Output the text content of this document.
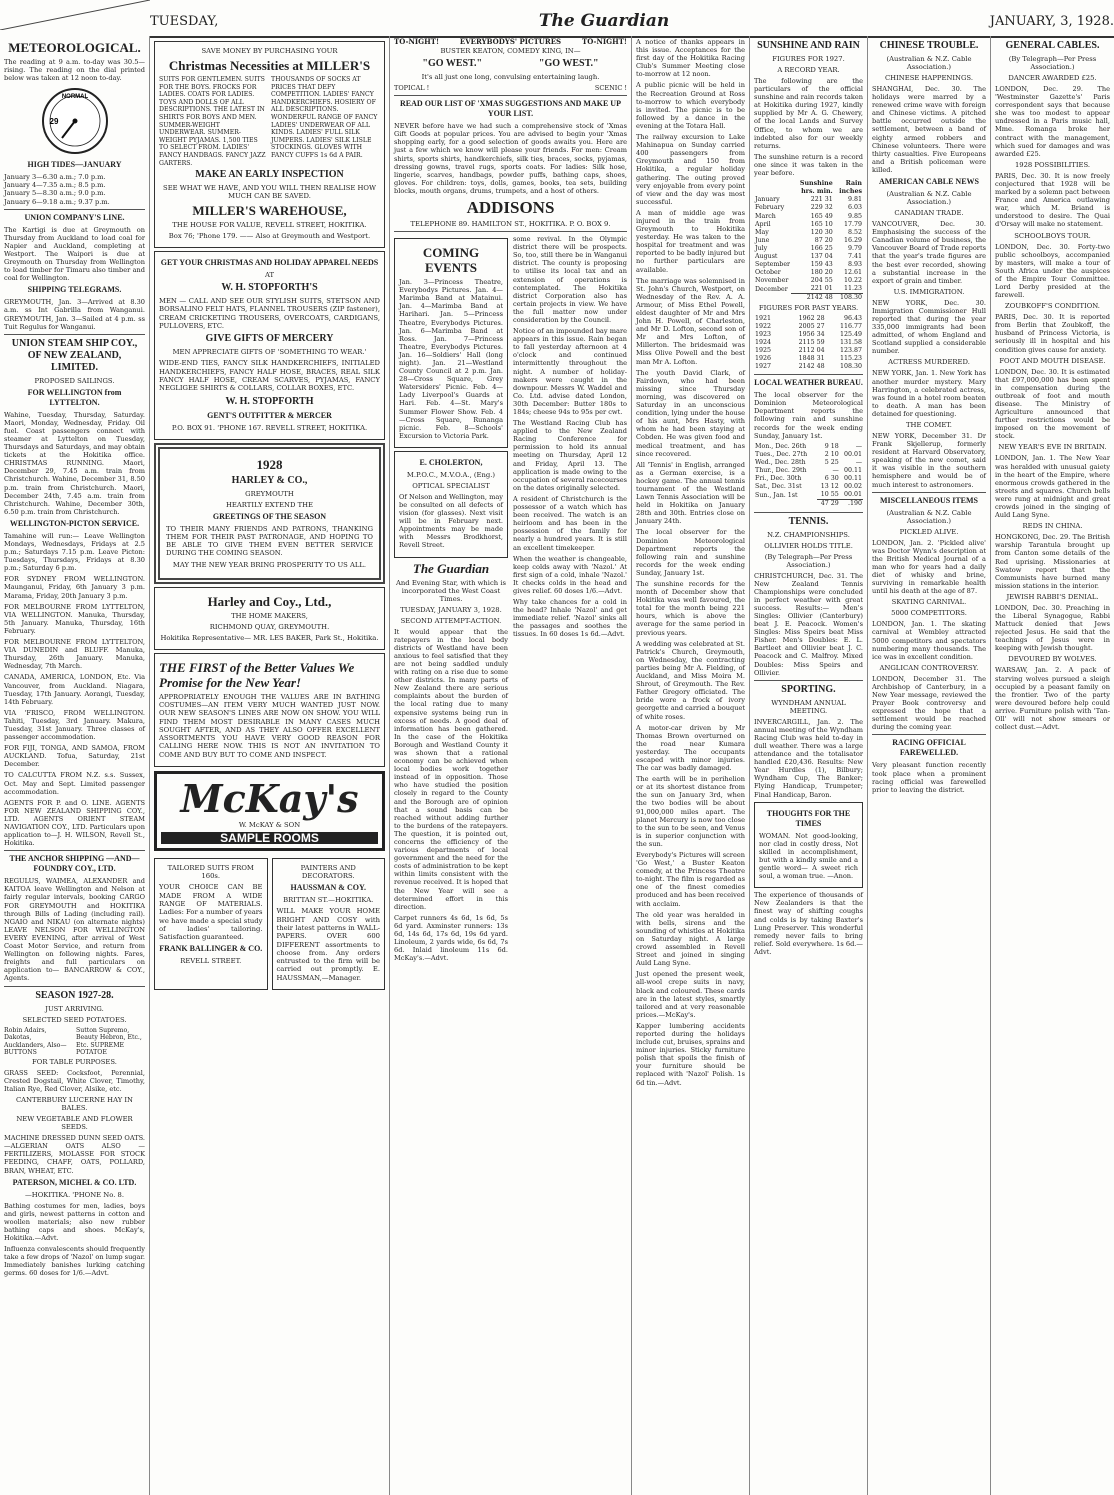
TUESDAY,	The Guardian	JANUARY, 3, 1928.
METEOROLOGICAL.

The reading at 9 a.m. to-day was 30.5—rising. The reading on the dial printed below was taken at 12 noon to-day.

NORMAL
29
HIGH TIDES—JANUARY
January 3—6.30 a.m.; 7.0 p.m.
January 4—7.35 a.m.; 8.5 p.m.
January 5—8.30 a.m.; 9.0 p.m.
January 6—9.18 a.m.; 9.37 p.m.
UNION COMPANY'S LINE.

The Kartigi is due at Greymouth on Thursday from Auckland to load coal for Napier and Auckland, completing at Westport. The Waipori is due at Greymouth on Thursday from Wellington to load timber for Timaru also timber and coal for Wellington.

SHIPPING TELEGRAMS.

GREYMOUTH, Jan. 3—Arrived at 8.30 a.m. ss Int Gabrilla from Wanganui. GREYMOUTH, Jan. 3—Sailed at 4 p.m. ss Tuit Regulus for Wanganui.

UNION STEAM SHIP COY., OF NEW ZEALAND, LIMITED.
PROPOSED SAILINGS.
FOR WELLINGTON from LYTTELTON.

Wahine, Tuesday, Thursday, Saturday. Maori, Monday, Wednesday, Friday. Oil fuel. Coast passengers connect with steamer at Lyttelton on Tuesday, Thursdays and Saturdays, and may obtain tickets at the Hokitika office. CHRISTMAS RUNNING. Maori, December 29, 7.45 a.m. train from Christchurch. Wahine, December 31, 8.50 p.m. train from Christchurch. Maori, December 24th, 7.45 a.m. train from Christchurch. Wahine, December 30th, 6.50 p.m. train from Christchurch.

WELLINGTON-PICTON SERVICE.

Tamahine will run:— Leave Wellington Mondays, Wednesdays, Fridays at 2.5 p.m.; Saturdays 7.15 p.m. Leave Picton: Tuesdays, Thursdays, Fridays at 8.30 p.m.; Saturday 6 p.m.

FOR SYDNEY FROM WELLINGTON. Maunganui, Friday, 6th January 3 p.m. Marama, Friday, 20th January 3 p.m.

FOR MELBOURNE FROM LYTTELTON, VIA WELLINGTON. Manuka, Thursday, 5th January. Manuka, Thursday, 16th February.

FOR MELBOURNE FROM LYTTELTON, VIA DUNEDIN and BLUFF. Manuka, Thursday, 26th January. Manuka, Wednesday, 7th March.

CANADA, AMERICA, LONDON, Etc. Via Vancouver, from Auckland. Niagara, Tuesday, 17th January. Aorangi, Tuesday, 14th February.

VIA 'FRISCO, FROM WELLINGTON. Tahiti, Tuesday, 3rd January. Makura, Tuesday, 31st January. Three classes of passenger accommodation.

FOR FIJI, TONGA, AND SAMOA, FROM AUCKLAND. Tofua, Saturday, 21st December.

TO CALCUTTA FROM N.Z. s.s. Sussex, Oct. May and Sept. Limited passenger accommodation.

AGENTS FOR P. and O. LINE. AGENTS FOR NEW ZEALAND SHIPPING COY., LTD. AGENTS ORIENT STEAM NAVIGATION COY., LTD. Particulars upon application to—J. H. WILSON, Revell St., Hokitika.

THE ANCHOR SHIPPING —AND— FOUNDRY COY., LTD.

REGULUS, WAIMEA, ALEXANDER and KAITOA leave Wellington and Nelson at fairly regular intervals, booking CARGO FOR GREYMOUTH and HOKITIKA through Bills of Lading (including rail). NGAIO and NIKAU (on alternate nights) LEAVE NELSON FOR WELLINGTON EVERY EVENING, after arrival of West Coast Motor Service, and return from Wellington on following nights. Fares, freights and full particulars on application to— BANCARROW & COY., Agents.

SEASON 1927-28.
JUST ARRIVING.
SELECTED SEED POTATOES.
Robin Adairs, Dakotas, Aucklanders, Also— BUTTONS
Sutton Supremo, Beauty Hebron, Etc., Etc. SUPREME POTATOE
FOR TABLE PURPOSES.

GRASS SEED: Cocksfoot, Perennial, Crested Dogstail, White Clover, Timothy, Italian Rye, Red Clover, Alsike, etc.

CANTERBURY LUCERNE HAY IN BALES.
NEW VEGETABLE AND FLOWER SEEDS.

MACHINE DRESSED DUNN SEED OATS. —ALGERIAN OATS ALSO — FERTILIZERS, MOLASSE FOR STOCK FEEDING, CHAFF, OATS, POLLARD, BRAN, WHEAT, ETC.

PATERSON, MICHEL & CO. LTD.
—HOKITIKA. 'PHONE No. 8.

Bathing costumes for men, ladies, boys and girls, newest patterns in cotton and woollen materials; also new rubber bathing caps and shoes. McKay's, Hokitika.—Advt.

Influenza convalescents should frequently take a few drops of 'Nazol' on lump sugar. Immediately banishes lurking catching germs. 60 doses for 1/6.—Advt.

SAVE MONEY BY PURCHASING YOUR
Christmas Necessities at MILLER'S
SUITS FOR GENTLEMEN. SUITS FOR THE BOYS. FROCKS FOR LADIES. COATS FOR LADIES. TOYS AND DOLLS OF ALL DESCRIPTIONS. THE LATEST IN SHIRTS FOR BOYS AND MEN. SUMMER-WEIGHT UNDERWEAR. SUMMER-WEIGHT PYJAMAS. 1,500 TIES TO SELECT FROM. LADIES' FANCY HANDBAGS. FANCY JAZZ GARTERS.
THOUSANDS OF SOCKS AT PRICES THAT DEFY COMPETITION. LADIES' FANCY HANDKERCHIEFS. HOSIERY OF ALL DESCRIPTIONS. WONDERFUL RANGE OF FANCY LADIES' UNDERWEAR OF ALL KINDS. LADIES' FULL SILK JUMPERS. LADIES' SILK LISLE STOCKINGS. GLOVES WITH FANCY CUFFS 1s 6d A PAIR.
MAKE AN EARLY INSPECTION
SEE WHAT WE HAVE, AND YOU WILL THEN REALISE HOW MUCH CAN BE SAVED.
MILLER'S WAREHOUSE,
THE HOUSE FOR VALUE, REVELL STREET, HOKITIKA.
Box 76; 'Phone 179. —— Also at Greymouth and Westport.
GET YOUR CHRISTMAS AND HOLIDAY APPAREL NEEDS
AT
W. H. STOPFORTH'S

MEN — CALL AND SEE OUR STYLISH SUITS, STETSON AND BORSALINO FELT HATS, FLANNEL TROUSERS (ZIP fastener), CREAM CRICKETING TROUSERS, OVERCOATS, CARDIGANS, PULLOVERS, ETC.

GIVE GIFTS OF MERCERY
MEN APPRECIATE GIFTS OF 'SOMETHING TO WEAR.'

WIDE-END TIES, FANCY SILK HANDKERCHIEFS, INITIALED HANDKERCHIEFS, FANCY HALF HOSE, BRACES, REAL SILK FANCY HALF HOSE, CREAM SCARVES, PYJAMAS, FANCY NEGLIGEE SHIRTS & COLLARS, COLLAR BOXES, ETC.

W. H. STOPFORTH
GENT'S OUTFITTER & MERCER
P.O. BOX 91. 'PHONE 167. REVELL STREET, HOKITIKA.
1928
HARLEY & CO.,
GREYMOUTH
HEARTILY EXTEND THE
GREETINGS OF THE SEASON

TO THEIR MANY FRIENDS AND PATRONS, THANKING THEM FOR THEIR PAST PATRONAGE, AND HOPING TO BE ABLE TO GIVE THEM EVEN BETTER SERVICE DURING THE COMING SEASON.

MAY THE NEW YEAR BRING PROSPERITY TO US ALL.
Harley and Coy., Ltd.,
THE HOME MAKERS,
RICHMOND QUAY, GREYMOUTH.
Hokitika Representative— MR. LES BAKER, Park St., Hokitika.
THE FIRST of the Better Values We Promise for the New Year!

APPROPRIATELY ENOUGH THE VALUES ARE IN BATHING COSTUMES—AN ITEM VERY MUCH WANTED JUST NOW. OUR NEW SEASON'S LINES ARE NOW ON SHOW. YOU WILL FIND THEM MOST DESIRABLE IN MANY CASES MUCH SOUGHT AFTER, AND AS THEY ALSO OFFER EXCELLENT ASSORTMENTS YOU HAVE VERY GOOD REASON FOR CALLING HERE NOW. THIS IS NOT AN INVITATION TO COME AND BUY BUT TO COME AND INSPECT.

McKay's
W. McKAY & SON
SAMPLE ROOMS
TAILORED SUITS FROM 160s.

YOUR CHOICE CAN BE MADE FROM A WIDE RANGE OF MATERIALS. Ladies: For a number of years we have made a special study of ladies' tailoring. Satisfaction guaranteed.

FRANK BALLINGER & CO.
REVELL STREET.
PAINTERS AND DECORATORS.
HAUSSMAN & COY.
BRITTAN ST.—HOKITIKA.

WILL MAKE YOUR HOME BRIGHT AND COSY with their latest patterns in WALL-PAPERS. OVER 600 DIFFERENT assortments to choose from. Any orders entrusted to the firm will be carried out promptly. E. HAUSSMAN,—Manager.

TO-NIGHT!	EVERYBODYS' PICTURES	TO-NIGHT!
BUSTER KEATON, COMEDY KING, IN—
"GO WEST."	"GO WEST."
It's all just one long, convulsing entertaining laugh.
TOPICAL !	SCENIC !
READ OUR LIST OF 'XMAS SUGGESTIONS AND MAKE UP YOUR LIST.

NEVER before have we had such a comprehensive stock of 'Xmas Gift Goods at popular prices. You are advised to begin your 'Xmas shopping early, for a good selection of goods awaits you. Here are just a few which we know will please your friends. For men: Cream shirts, sports shirts, handkerchiefs, silk ties, braces, socks, pyjamas, dressing gowns, travel rugs, sports coats. For ladies: Silk hose, lingerie, scarves, handbags, powder puffs, bathing caps, shoes, gloves. For children: toys, dolls, games, books, tea sets, building blocks, mouth organs, drums, trumpets, and a host of others.

ADDISONS
TELEPHONE 89. HAMILTON ST., HOKITIKA. P. O. BOX 9.
COMING EVENTS

Jan. 3—Princess Theatre, Everybodys Pictures. Jan. 4—Marimba Band at Matainui. Jan. 4—Marimba Band at Harihari. Jan. 5—Princess Theatre, Everybodys Pictures. Jan. 6—Marimba Band at Ross. Jan. 7—Princess Theatre, Everybodys Pictures. Jan. 16—Soldiers' Hall (long night). Jan. 21—Westland County Council at 2 p.m. Jan. 28—Cross Square, Grey Watersiders' Picnic. Feb. 4—Lady Liverpool's Guards at Hari. Feb. 4—St. Mary's Summer Flower Show. Feb. 4—Cross Square, Runanga picnic. Feb. 8—Schools' Excursion to Victoria Park.

E. CHOLERTON,
M.P.O.C., M.V.O.A., (Eng.)
OPTICAL SPECIALIST

Of Nelson and Wellington, may be consulted on all defects of vision (for glasses). Next visit will be in February next. Appointments may be made with Messrs Brodkhorst, Revell Street.

The Guardian
And Evening Star, with which is incorporated the West Coast Times.
TUESDAY, JANUARY 3, 1928.
SECOND ATTEMPT-ACTION.

It would appear that the ratepayers in the local body districts of Westland have been anxious to feel satisfied that they are not being saddled unduly with rating on a rise due to some other districts. In many parts of New Zealand there are serious complaints about the burden of the local rating due to many expensive systems being run in excess of needs. A good deal of information has been gathered. In the case of the Hokitika Borough and Westland County it was shown that a rational economy can be achieved when local bodies work together instead of in opposition. Those who have studied the position closely in regard to the County and the Borough are of opinion that a sound basis can be reached without adding further to the burdens of the ratepayers. The question, it is pointed out, concerns the efficiency of the various departments of local government and the need for the costs of administration to be kept within limits consistent with the revenue received. It is hoped that the New Year will see a determined effort in this direction.

Carpet runners 4s 6d, 1s 6d, 5s 6d yard. Axminster runners: 13s 6d, 14s 6d, 17s 6d, 19s 6d yard. Linoleum, 2 yards wide, 6s 6d, 7s 6d. Inlaid linoleum 11s 6d. McKay's.—Advt.

some revival. In the Olympic district there will be prospects. So, too, still there be in Wanganui district. The county is proposing to utilise its local tax and an extension of operations is contemplated. The Hokitika district Corporation also has certain projects in view. We have the full matter now under consideration by the Council.

Notice of an impounded bay mare appears in this issue. Rain began to fall yesterday afternoon at 4 o'clock and continued intermittently throughout the night. A number of holiday-makers were caught in the downpour. Messrs W. Waddel and Co. Ltd. advise dated London, 30th December: Butter 180s to 184s; cheese 94s to 95s per cwt.

The Westland Racing Club has applied to the New Zealand Racing Conference for permission to hold its annual meeting on Thursday, April 12 and Friday, April 13. The application is made owing to the occupation of several racecourses on the dates originally selected.

A resident of Christchurch is the possessor of a watch which has been received. The watch is an heirloom and has been in the possession of the family for nearly a hundred years. It is still an excellent timekeeper.

When the weather is changeable, keep colds away with 'Nazol.' At first sign of a cold, inhale 'Nazol.' It checks colds in the head and gives relief. 60 doses 1/6.—Advt.

Why take chances for a cold in the head? Inhale 'Nazol' and get immediate relief. 'Nazol' sinks all the passages and soothes the tissues. In 60 doses 1s 6d.—Advt.

A notice of thanks appears in this issue. Acceptances for the first day of the Hokitika Racing Club's Summer Meeting close to-morrow at 12 noon.

A public picnic will be held in the Recreation Ground at Ross to-morrow to which everybody is invited. The picnic is to be followed by a dance in the evening at the Totara Hall.

The railway excursion to Lake Mahinapua on Sunday carried 400 passengers from Greymouth and 150 from Hokitika, a regular holiday gathering. The outing proved very enjoyable from every point of view and the day was most successful.

A man of middle age was injured in the train from Greymouth to Hokitika yesterday. He was taken to the hospital for treatment and was reported to be badly injured but no further particulars are available.

The marriage was solemnised in St. John's Church, Westport, on Wednesday of the Rev. A. A. Armour, of Miss Ethel Powell, eldest daughter of Mr and Mrs John H. Powell, of Charleston, and Mr D. Lofton, second son of Mr and Mrs Lofton, of Millerton. The bridesmaid was Miss Olive Powell and the best man Mr A. Lofton.

The youth David Clark, of Fairdown, who had been missing since Thursday morning, was discovered on Saturday in an unconscious condition, lying under the house of his aunt, Mrs Hasty, with whom he had been staying at Cobden. He was given food and medical treatment, and has since recovered.

All 'Tennis' in English, arranged as a German exercise, is a hockey game. The annual tennis tournament of the Westland Lawn Tennis Association will be held in Hokitika on January 28th and 30th. Entries close on January 24th.

The local observer for the Dominion Meteorological Department reports the following rain and sunshine records for the week ending Sunday, January 1st.

The sunshine records for the month of December show that Hokitika was well favoured, the total for the month being 221 hours, which is above the average for the same period in previous years.

A wedding was celebrated at St. Patrick's Church, Greymouth, on Wednesday, the contracting parties being Mr A. Fielding, of Auckland, and Miss Moira M. Shrout, of Greymouth. The Rev. Father Gregory officiated. The bride wore a frock of ivory georgette and carried a bouquet of white roses.

A motor-car driven by Mr Thomas Brown overturned on the road near Kumara yesterday. The occupants escaped with minor injuries. The car was badly damaged.

The earth will be in perihelion or at its shortest distance from the sun on January 3rd, when the two bodies will be about 91,000,000 miles apart. The planet Mercury is now too close to the sun to be seen, and Venus is in superior conjunction with the sun.

Everybody's Pictures will screen 'Go West,' a Buster Keaton comedy, at the Princess Theatre to-night. The film is regarded as one of the finest comedies produced and has been received with acclaim.

The old year was heralded in with bells, sirens and the sounding of whistles at Hokitika on Saturday night. A large crowd assembled in Revell Street and joined in singing Auld Lang Syne.

Just opened the present week, all-wool crepe suits in navy, black and coloured. These cards are in the latest styles, smartly tailored and at very reasonable prices.—McKay's.

Kapper lumbering accidents reported during the holidays include cut, bruises, sprains and minor injuries. Sticky furniture polish that spoils the finish of your furniture should be replaced with 'Nazol' Polish. 1s 6d tin.—Advt.

SUNSHINE AND RAIN
FIGURES FOR 1927.
A RECORD YEAR.

The following are the particulars of the official sunshine and rain records taken at Hokitika during 1927, kindly supplied by Mr A. G. Chewery, of the local Lands and Survey Office, to whom we are indebted also for our weekly returns.

The sunshine return is a record one since it was taken in the year before.

	Sunshine hrs. min.	Rain inches
January	221 31	9.81
February	229 32	6.03
March	165 49	9.85
April	165 10	17.79
May	120 30	8.52
June	87 20	16.29
July	166 25	9.79
August	137 04	7.41
September	159 43	8.93
October	180 20	12.61
November	204 55	10.22
December	221 01	11.23
	2142 48	108.30
FIGURES FOR PAST YEARS.
1921	1962 28	96.43
1922	2005 27	116.77
1923	1956 34	125.49
1924	2115 59	131.58
1925	2112 04	123.87
1926	1848 31	115.23
1927	2142 48	108.30
LOCAL WEATHER BUREAU.

The local observer for the Dominion Meteorological Department reports the following rain and sunshine records for the week ending Sunday, January 1st.

Mon., Dec. 26th	9 18	—
Tues., Dec. 27th	2 10	00.01
Wed., Dec. 28th	5 25	—
Thur., Dec. 29th	—	00.11
Fri., Dec. 30th	6 30	00.11
Sat., Dec. 31st	13 12	00.02
Sun., Jan. 1st	10 55	00.01
	47 29	.190
TENNIS.
N.Z. CHAMPIONSHIPS.
OLLIVIER HOLDS TITLE.
(By Telegraph—Per Press Association.)

CHRISTCHURCH, Dec. 31. The New Zealand Tennis Championships were concluded in perfect weather with great success. Results:— Men's Singles: Ollivier (Canterbury) beat J. E. Peacock. Women's Singles: Miss Speirs beat Miss Fisher. Men's Doubles: E. L. Bartleet and Ollivier beat J. C. Peacock and C. Malfroy. Mixed Doubles: Miss Speirs and Ollivier.

SPORTING.
WYNDHAM ANNUAL MEETING.

INVERCARGILL, Jan. 2. The annual meeting of the Wyndham Racing Club was held to-day in dull weather. There was a large attendance and the totalisator handled £20,436. Results: New Year Hurdles (1), Bilbury; Wyndham Cup, The Banker; Flying Handicap, Trumpeter; Final Handicap, Baron.

THOUGHTS FOR THE TIMES

WOMAN. Not good-looking, nor clad in costly dress, Not skilled in accomplishment, but with a kindly smile and a gentle word— A sweet rich soul, a woman true. —Anon.

The experience of thousands of New Zealanders is that the finest way of shifting coughs and colds is by taking Baxter's Lung Preserver. This wonderful remedy never fails to bring relief. Sold everywhere. 1s 6d.—Advt.

CHINESE TROUBLE.
(Australian & N.Z. Cable Association.)
CHINESE HAPPENINGS.

SHANGHAI, Dec. 30. The holidays were marred by a renewed crime wave with foreign and Chinese victims. A pitched battle occurred outside the settlement, between a band of eighty armed robbers and Chinese volunteers. There were thirty casualties. Five Europeans and a British policeman were killed.

AMERICAN CABLE NEWS
(Australian & N.Z. Cable Association.)
CANADIAN TRADE.

VANCOUVER, Dec. 30. Emphasising the success of the Canadian volume of business, the Vancouver Board of Trade reports that the year's trade figures are the best ever recorded, showing a substantial increase in the export of grain and timber.

U.S. IMMIGRATION.

NEW YORK, Dec. 30. Immigration Commissioner Hull reported that during the year 335,000 immigrants had been admitted, of whom England and Scotland supplied a considerable number.

ACTRESS MURDERED.

NEW YORK, Jan. 1. New York has another murder mystery. Mary Harrington, a celebrated actress, was found in a hotel room beaten to death. A man has been detained for questioning.

THE COMET.

NEW YORK, December 31. Dr Frank Skjellerup, formerly resident at Harvard Observatory, speaking of the new comet, said it was visible in the southern hemisphere and would be of much interest to astronomers.

MISCELLANEOUS ITEMS
(Australian & N.Z. Cable Association.)
PICKLED ALIVE.

LONDON, Jan. 2. 'Pickled alive' was Doctor Wynn's description at the British Medical Journal of a man who for years had a daily diet of whisky and brine, surviving in remarkable health until his death at the age of 87.

SKATING CARNIVAL.
5000 COMPETITORS.

LONDON, Jan. 1. The skating carnival at Wembley attracted 5000 competitors and spectators numbering many thousands. The ice was in excellent condition.

ANGLICAN CONTROVERSY.

LONDON, December 31. The Archbishop of Canterbury, in a New Year message, reviewed the Prayer Book controversy and expressed the hope that a settlement would be reached during the coming year.

RACING OFFICIAL FAREWELLED.

Very pleasant function recently took place when a prominent racing official was farewelled prior to leaving the district.

GENERAL CABLES.
(By Telegraph—Per Press Association.)
DANCER AWARDED £25.

LONDON, Dec. 29. The 'Westminster Gazette's' Paris correspondent says that because she was too modest to appear undressed in a Paris music hall, Mme. Romanga broke her contract with the management, which sued for damages and was awarded £25.

1928 POSSIBILITIES.

PARIS, Dec. 30. It is now freely conjectured that 1928 will be marked by a solemn pact between France and America outlawing war, which M. Briand is understood to desire. The Quai d'Orsay will make no statement.

SCHOOLBOYS TOUR.

LONDON, Dec. 30. Forty-two public schoolboys, accompanied by masters, will make a tour of South Africa under the auspices of the Empire Tour Committee. Lord Derby presided at the farewell.

ZOUBKOFF'S CONDITION.

PARIS, Dec. 30. It is reported from Berlin that Zoubkoff, the husband of Princess Victoria, is seriously ill in hospital and his condition gives cause for anxiety.

FOOT AND MOUTH DISEASE.

LONDON, Dec. 30. It is estimated that £97,000,000 has been spent in compensation during the outbreak of foot and mouth disease. The Ministry of Agriculture announced that further restrictions would be imposed on the movement of stock.

NEW YEAR'S EVE IN BRITAIN.

LONDON, Jan. 1. The New Year was heralded with unusual gaiety in the heart of the Empire, where enormous crowds gathered in the streets and squares. Church bells were rung at midnight and great crowds joined in the singing of Auld Lang Syne.

REDS IN CHINA.

HONGKONG, Dec. 29. The British warship Tarantula brought up from Canton some details of the Red uprising. Missionaries at Swatow report that the Communists have burned many mission stations in the interior.

JEWISH RABBI'S DENIAL.

LONDON, Dec. 30. Preaching in the Liberal Synagogue, Rabbi Mattuck denied that Jews rejected Jesus. He said that the teachings of Jesus were in keeping with Jewish thought.

DEVOURED BY WOLVES.

WARSAW, Jan. 2. A pack of starving wolves pursued a sleigh occupied by a peasant family on the frontier. Two of the party were devoured before help could arrive. Furniture polish with 'Tan-Oll' will not show smears or collect dust.—Advt.
